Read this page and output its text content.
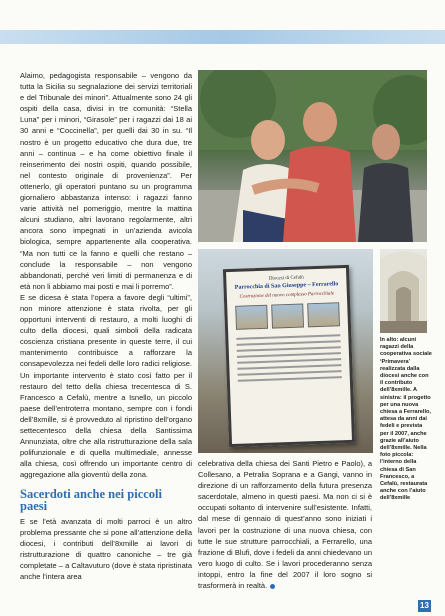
Alaimo, pedagogista responsabile – vengono da tutta la Sicilia su segnalazione dei servizi territoriali e del Tribunale dei minori”. Attualmente sono 24 gli ospiti della casa, divisi in tre comunità: “Stella Luna” per i minori, “Girasole” per i ragazzi dai 18 ai 30 anni e “Coccinella”, per quelli dai 30 in su. “Il nostro è un progetto educativo che dura due, tre anni – continua – e ha come obiettivo finale il reinserimento dei nostri ospiti, quando possibile, nel contesto originale di provenienza”. Per ottenerlo, gli operatori puntano su un programma giornaliero abbastanza intenso: i ragazzi fanno varie attività nel pomeriggio, mentre la mattina alcuni studiano, altri lavorano regolarmente, altri ancora sono impegnati in un’azienda avicola biologica, sempre appartenente alla cooperativa. “Ma non tutti ce la fanno e quelli che restano – conclude la responsabile – non vengono abbandonati, perché veri limiti di permanenza e di età non li abbiamo mai posti e mai li porremo”.

E se dicesa è stata l’opera a favore degli “ultimi”, non minore attenzione è stata rivolta, per gli opportuni interventi di restauro, a molti luoghi di culto della diocesi, quali simboli della radicata coscienza cristiana presente in queste terre, il cui mantenimento contribuisce a rafforzare la consapevolezza nei fedeli delle loro radici religiose. Un importante intervento è stato così fatto per il restauro del tetto della chiesa trecentesca di S. Francesco a Cefalù, mentre a Isnello, un piccolo paese dell’entroterra montano, sempre con i fondi dell’8xmille, si è provveduto al ripristino dell’organo settecentesco della chiesa della Santissima Annunziata, oltre che alla ristrutturazione della sala polifunzionale e di quella multimediale, annesse alla chiesa, così offrendo un importante centro di aggregazione alla gioventù della zona.

Sacerdoti anche nei piccoli paesi

E se l’età avanzata di molti parroci è un altro problema pressante che si pone all’attenzione della diocesi, i contributi dell’8xmille ai lavori di ristrutturazione di quattro canoniche – tre già completate – a Caltavuturo (dove è stata ripristinata anche l’intera area

Diocesi di Cefalù
Parrocchia di San Giuseppe – Ferrarello
Costruzione del nuovo complesso Parrocchiale
In alto: alcuni ragazzi della cooperativa sociale ‘Primavera’ realizzata dalla diocesi anche con il contributo dell’8xmille. A sinistra: il progetto per una nuova chiesa a Ferrarello, attesa da anni dai fedeli e prevista per il 2007, anche grazie all’aiuto dell’8xmille. Nella foto piccola: l’interno della chiesa di San Francesco, a Cefalù, restaurata anche con l’aiuto dell’8xmille

celebrativa della chiesa dei Santi Pietro e Paolo), a Collesano, a Petralia Soprana e a Gangi, vanno in direzione di un rafforzamento della futura presenza sacerdotale, almeno in questi paesi. Ma non ci si è occupati soltanto di intervenire sull’esistente. Infatti, dal mese di gennaio di quest’anno sono iniziati i lavori per la costruzione di una nuova chiesa, con tutte le sue strutture parrocchiali, a Ferrarello, una frazione di Blufi, dove i fedeli da anni chiedevano un vero luogo di culto. Se i lavori procederanno senza intoppi, entro la fine del 2007 il loro sogno si trasformerà in realtà.

13
